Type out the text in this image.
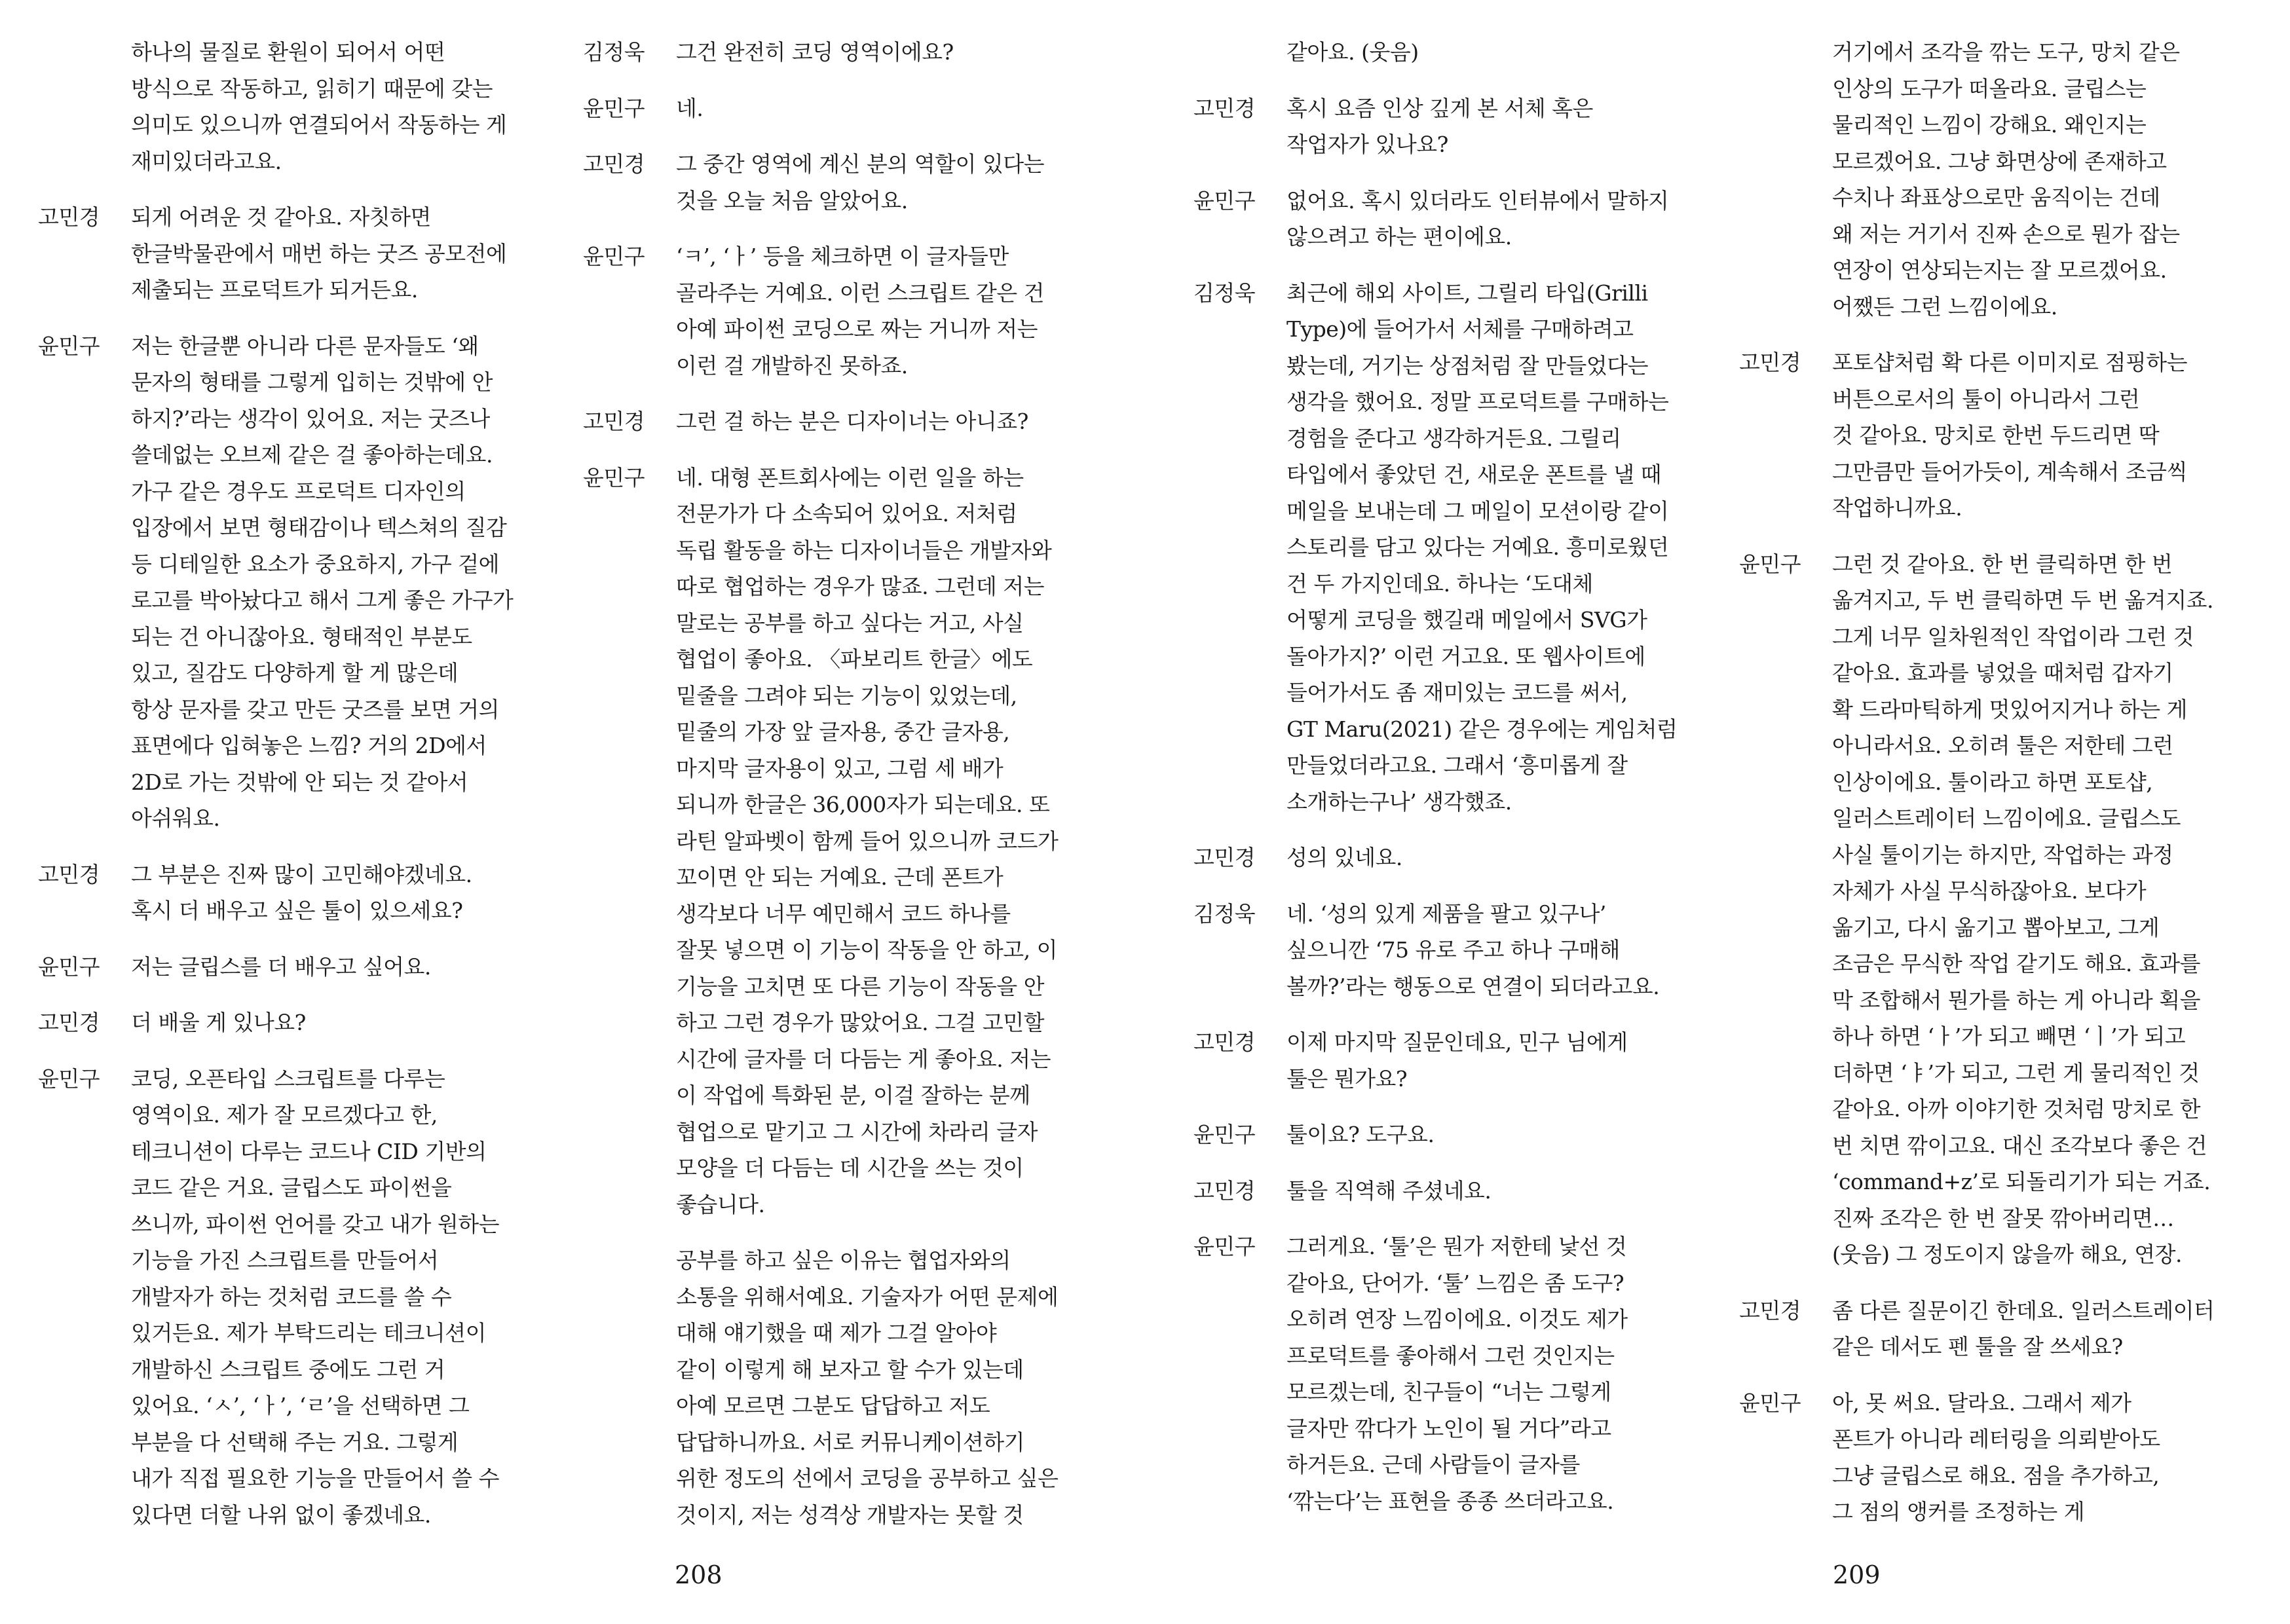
하나의 물질로 환원이 되어서 어떤
방식으로 작동하고, 읽히기 때문에 갖는
의미도 있으니까 연결되어서 작동하는 게
재미있더라고요.
고민경	되게 어려운 것 같아요. 자칫하면
한글박물관에서 매번 하는 굿즈 공모전에
제출되는 프로덕트가 되거든요.
윤민구	저는 한글뿐 아니라 다른 문자들도 ‘왜
문자의 형태를 그렇게 입히는 것밖에 안
하지?’라는 생각이 있어요. 저는 굿즈나
쓸데없는 오브제 같은 걸 좋아하는데요.
가구 같은 경우도 프로덕트 디자인의
입장에서 보면 형태감이나 텍스쳐의 질감
등 디테일한 요소가 중요하지, 가구 겉에
로고를 박아놨다고 해서 그게 좋은 가구가
되는 건 아니잖아요. 형태적인 부분도
있고, 질감도 다양하게 할 게 많은데
항상 문자를 갖고 만든 굿즈를 보면 거의
표면에다 입혀놓은 느낌? 거의 2D에서
2D로 가는 것밖에 안 되는 것 같아서
아쉬워요.
고민경	그 부분은 진짜 많이 고민해야겠네요.
혹시 더 배우고 싶은 툴이 있으세요?
윤민구	저는 글립스를 더 배우고 싶어요.
고민경	더 배울 게 있나요?
윤민구	코딩, 오픈타입 스크립트를 다루는
영역이요. 제가 잘 모르겠다고 한,
테크니션이 다루는 코드나 CID 기반의
코드 같은 거요. 글립스도 파이썬을
쓰니까, 파이썬 언어를 갖고 내가 원하는
기능을 가진 스크립트를 만들어서
개발자가 하는 것처럼 코드를 쓸 수
있거든요. 제가 부탁드리는 테크니션이
개발하신 스크립트 중에도 그런 거
있어요. ‘ㅅ’, ‘ㅏ’, ‘ㄹ’을 선택하면 그
부분을 다 선택해 주는 거요. 그렇게
내가 직접 필요한 기능을 만들어서 쓸 수
있다면 더할 나위 없이 좋겠네요.
김정욱	그건 완전히 코딩 영역이에요?
윤민구	네.
고민경	그 중간 영역에 계신 분의 역할이 있다는
것을 오늘 처음 알았어요.
윤민구	‘ㅋ’, ‘ㅏ’ 등을 체크하면 이 글자들만
골라주는 거예요. 이런 스크립트 같은 건
아예 파이썬 코딩으로 짜는 거니까 저는
이런 걸 개발하진 못하죠.
고민경	그런 걸 하는 분은 디자이너는 아니죠?
윤민구	네. 대형 폰트회사에는 이런 일을 하는
전문가가 다 소속되어 있어요. 저처럼
독립 활동을 하는 디자이너들은 개발자와
따로 협업하는 경우가 많죠. 그런데 저는
말로는 공부를 하고 싶다는 거고, 사실
협업이 좋아요. 〈파보리트 한글〉에도
밑줄을 그려야 되는 기능이 있었는데,
밑줄의 가장 앞 글자용, 중간 글자용,
마지막 글자용이 있고, 그럼 세 배가
되니까 한글은 36,000자가 되는데요. 또
라틴 알파벳이 함께 들어 있으니까 코드가
꼬이면 안 되는 거예요. 근데 폰트가
생각보다 너무 예민해서 코드 하나를
잘못 넣으면 이 기능이 작동을 안 하고, 이
기능을 고치면 또 다른 기능이 작동을 안
하고 그런 경우가 많았어요. 그걸 고민할
시간에 글자를 더 다듬는 게 좋아요. 저는
이 작업에 특화된 분, 이걸 잘하는 분께
협업으로 맡기고 그 시간에 차라리 글자
모양을 더 다듬는 데 시간을 쓰는 것이
좋습니다.
공부를 하고 싶은 이유는 협업자와의
소통을 위해서예요. 기술자가 어떤 문제에
대해 얘기했을 때 제가 그걸 알아야
같이 이렇게 해 보자고 할 수가 있는데
아예 모르면 그분도 답답하고 저도
답답하니까요. 서로 커뮤니케이션하기
위한 정도의 선에서 코딩을 공부하고 싶은
것이지, 저는 성격상 개발자는 못할 것
같아요. (웃음)
고민경	혹시 요즘 인상 깊게 본 서체 혹은
작업자가 있나요?
윤민구	없어요. 혹시 있더라도 인터뷰에서 말하지
않으려고 하는 편이에요.
김정욱	최근에 해외 사이트, 그릴리 타입(Grilli
Type)에 들어가서 서체를 구매하려고
봤는데, 거기는 상점처럼 잘 만들었다는
생각을 했어요. 정말 프로덕트를 구매하는
경험을 준다고 생각하거든요. 그릴리
타입에서 좋았던 건, 새로운 폰트를 낼 때
메일을 보내는데 그 메일이 모션이랑 같이
스토리를 담고 있다는 거예요. 흥미로웠던
건 두 가지인데요. 하나는 ‘도대체
어떻게 코딩을 했길래 메일에서 SVG가
돌아가지?’ 이런 거고요. 또 웹사이트에
들어가서도 좀 재미있는 코드를 써서,
GT Maru(2021) 같은 경우에는 게임처럼
만들었더라고요. 그래서 ‘흥미롭게 잘
소개하는구나’ 생각했죠.
고민경	성의 있네요.
김정욱	네. ‘성의 있게 제품을 팔고 있구나’
싶으니깐 ‘75 유로 주고 하나 구매해
볼까?’라는 행동으로 연결이 되더라고요.
고민경	이제 마지막 질문인데요, 민구 님에게
툴은 뭔가요?
윤민구	툴이요? 도구요.
고민경	툴을 직역해 주셨네요.
윤민구	그러게요. ‘툴’은 뭔가 저한테 낯선 것
같아요, 단어가. ‘툴’ 느낌은 좀 도구?
오히려 연장 느낌이에요. 이것도 제가
프로덕트를 좋아해서 그런 것인지는
모르겠는데, 친구들이 “너는 그렇게
글자만 깎다가 노인이 될 거다”라고
하거든요. 근데 사람들이 글자를
‘깎는다’는 표현을 종종 쓰더라고요.
거기에서 조각을 깎는 도구, 망치 같은
인상의 도구가 떠올라요. 글립스는
물리적인 느낌이 강해요. 왜인지는
모르겠어요. 그냥 화면상에 존재하고
수치나 좌표상으로만 움직이는 건데
왜 저는 거기서 진짜 손으로 뭔가 잡는
연장이 연상되는지는 잘 모르겠어요.
어쨌든 그런 느낌이에요.
고민경	포토샵처럼 확 다른 이미지로 점핑하는
버튼으로서의 툴이 아니라서 그런
것 같아요. 망치로 한번 두드리면 딱
그만큼만 들어가듯이, 계속해서 조금씩
작업하니까요.
윤민구	그런 것 같아요. 한 번 클릭하면 한 번
옮겨지고, 두 번 클릭하면 두 번 옮겨지죠.
그게 너무 일차원적인 작업이라 그런 것
같아요. 효과를 넣었을 때처럼 갑자기
확 드라마틱하게 멋있어지거나 하는 게
아니라서요. 오히려 툴은 저한테 그런
인상이에요. 툴이라고 하면 포토샵,
일러스트레이터 느낌이에요. 글립스도
사실 툴이기는 하지만, 작업하는 과정
자체가 사실 무식하잖아요. 보다가
옮기고, 다시 옮기고 뽑아보고, 그게
조금은 무식한 작업 같기도 해요. 효과를
막 조합해서 뭔가를 하는 게 아니라 획을
하나 하면 ‘ㅏ’가 되고 빼면 ‘ㅣ’가 되고
더하면 ‘ㅑ’가 되고, 그런 게 물리적인 것
같아요. 아까 이야기한 것처럼 망치로 한
번 치면 깎이고요. 대신 조각보다 좋은 건
‘command+z’로 되돌리기가 되는 거죠.
진짜 조각은 한 번 잘못 깎아버리면…
(웃음) 그 정도이지 않을까 해요, 연장.
고민경	좀 다른 질문이긴 한데요. 일러스트레이터
같은 데서도 펜 툴을 잘 쓰세요?
윤민구	아, 못 써요. 달라요. 그래서 제가
폰트가 아니라 레터링을 의뢰받아도
그냥 글립스로 해요. 점을 추가하고,
그 점의 앵커를 조정하는 게
208	209
